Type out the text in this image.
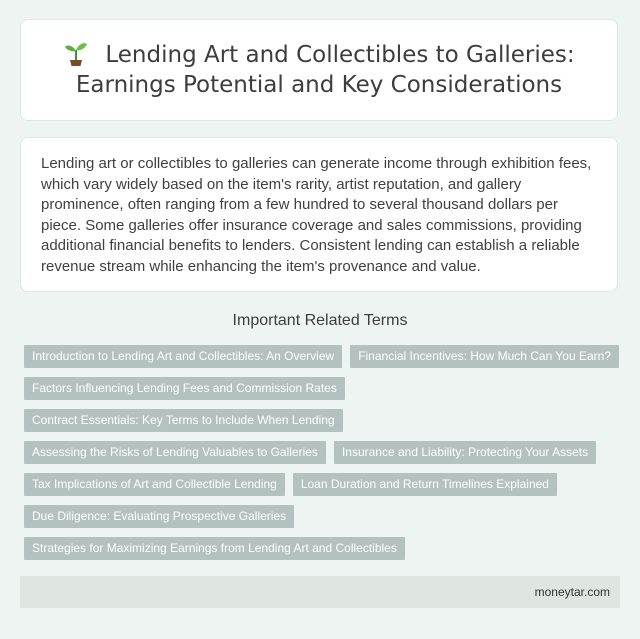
Lending Art and Collectibles to Galleries: Earnings Potential and Key Considerations

Lending art or collectibles to galleries can generate income through exhibition fees, which vary widely based on the item's rarity, artist reputation, and gallery prominence, often ranging from a few hundred to several thousand dollars per piece. Some galleries offer insurance coverage and sales commissions, providing additional financial benefits to lenders. Consistent lending can establish a reliable revenue stream while enhancing the item's provenance and value.

Important Related Terms
Introduction to Lending Art and Collectibles: An Overview	Financial Incentives: How Much Can You Earn?
Factors Influencing Lending Fees and Commission Rates
Contract Essentials: Key Terms to Include When Lending
Assessing the Risks of Lending Valuables to Galleries	Insurance and Liability: Protecting Your Assets
Tax Implications of Art and Collectible Lending	Loan Duration and Return Timelines Explained
Due Diligence: Evaluating Prospective Galleries
Strategies for Maximizing Earnings from Lending Art and Collectibles
moneytar.com
